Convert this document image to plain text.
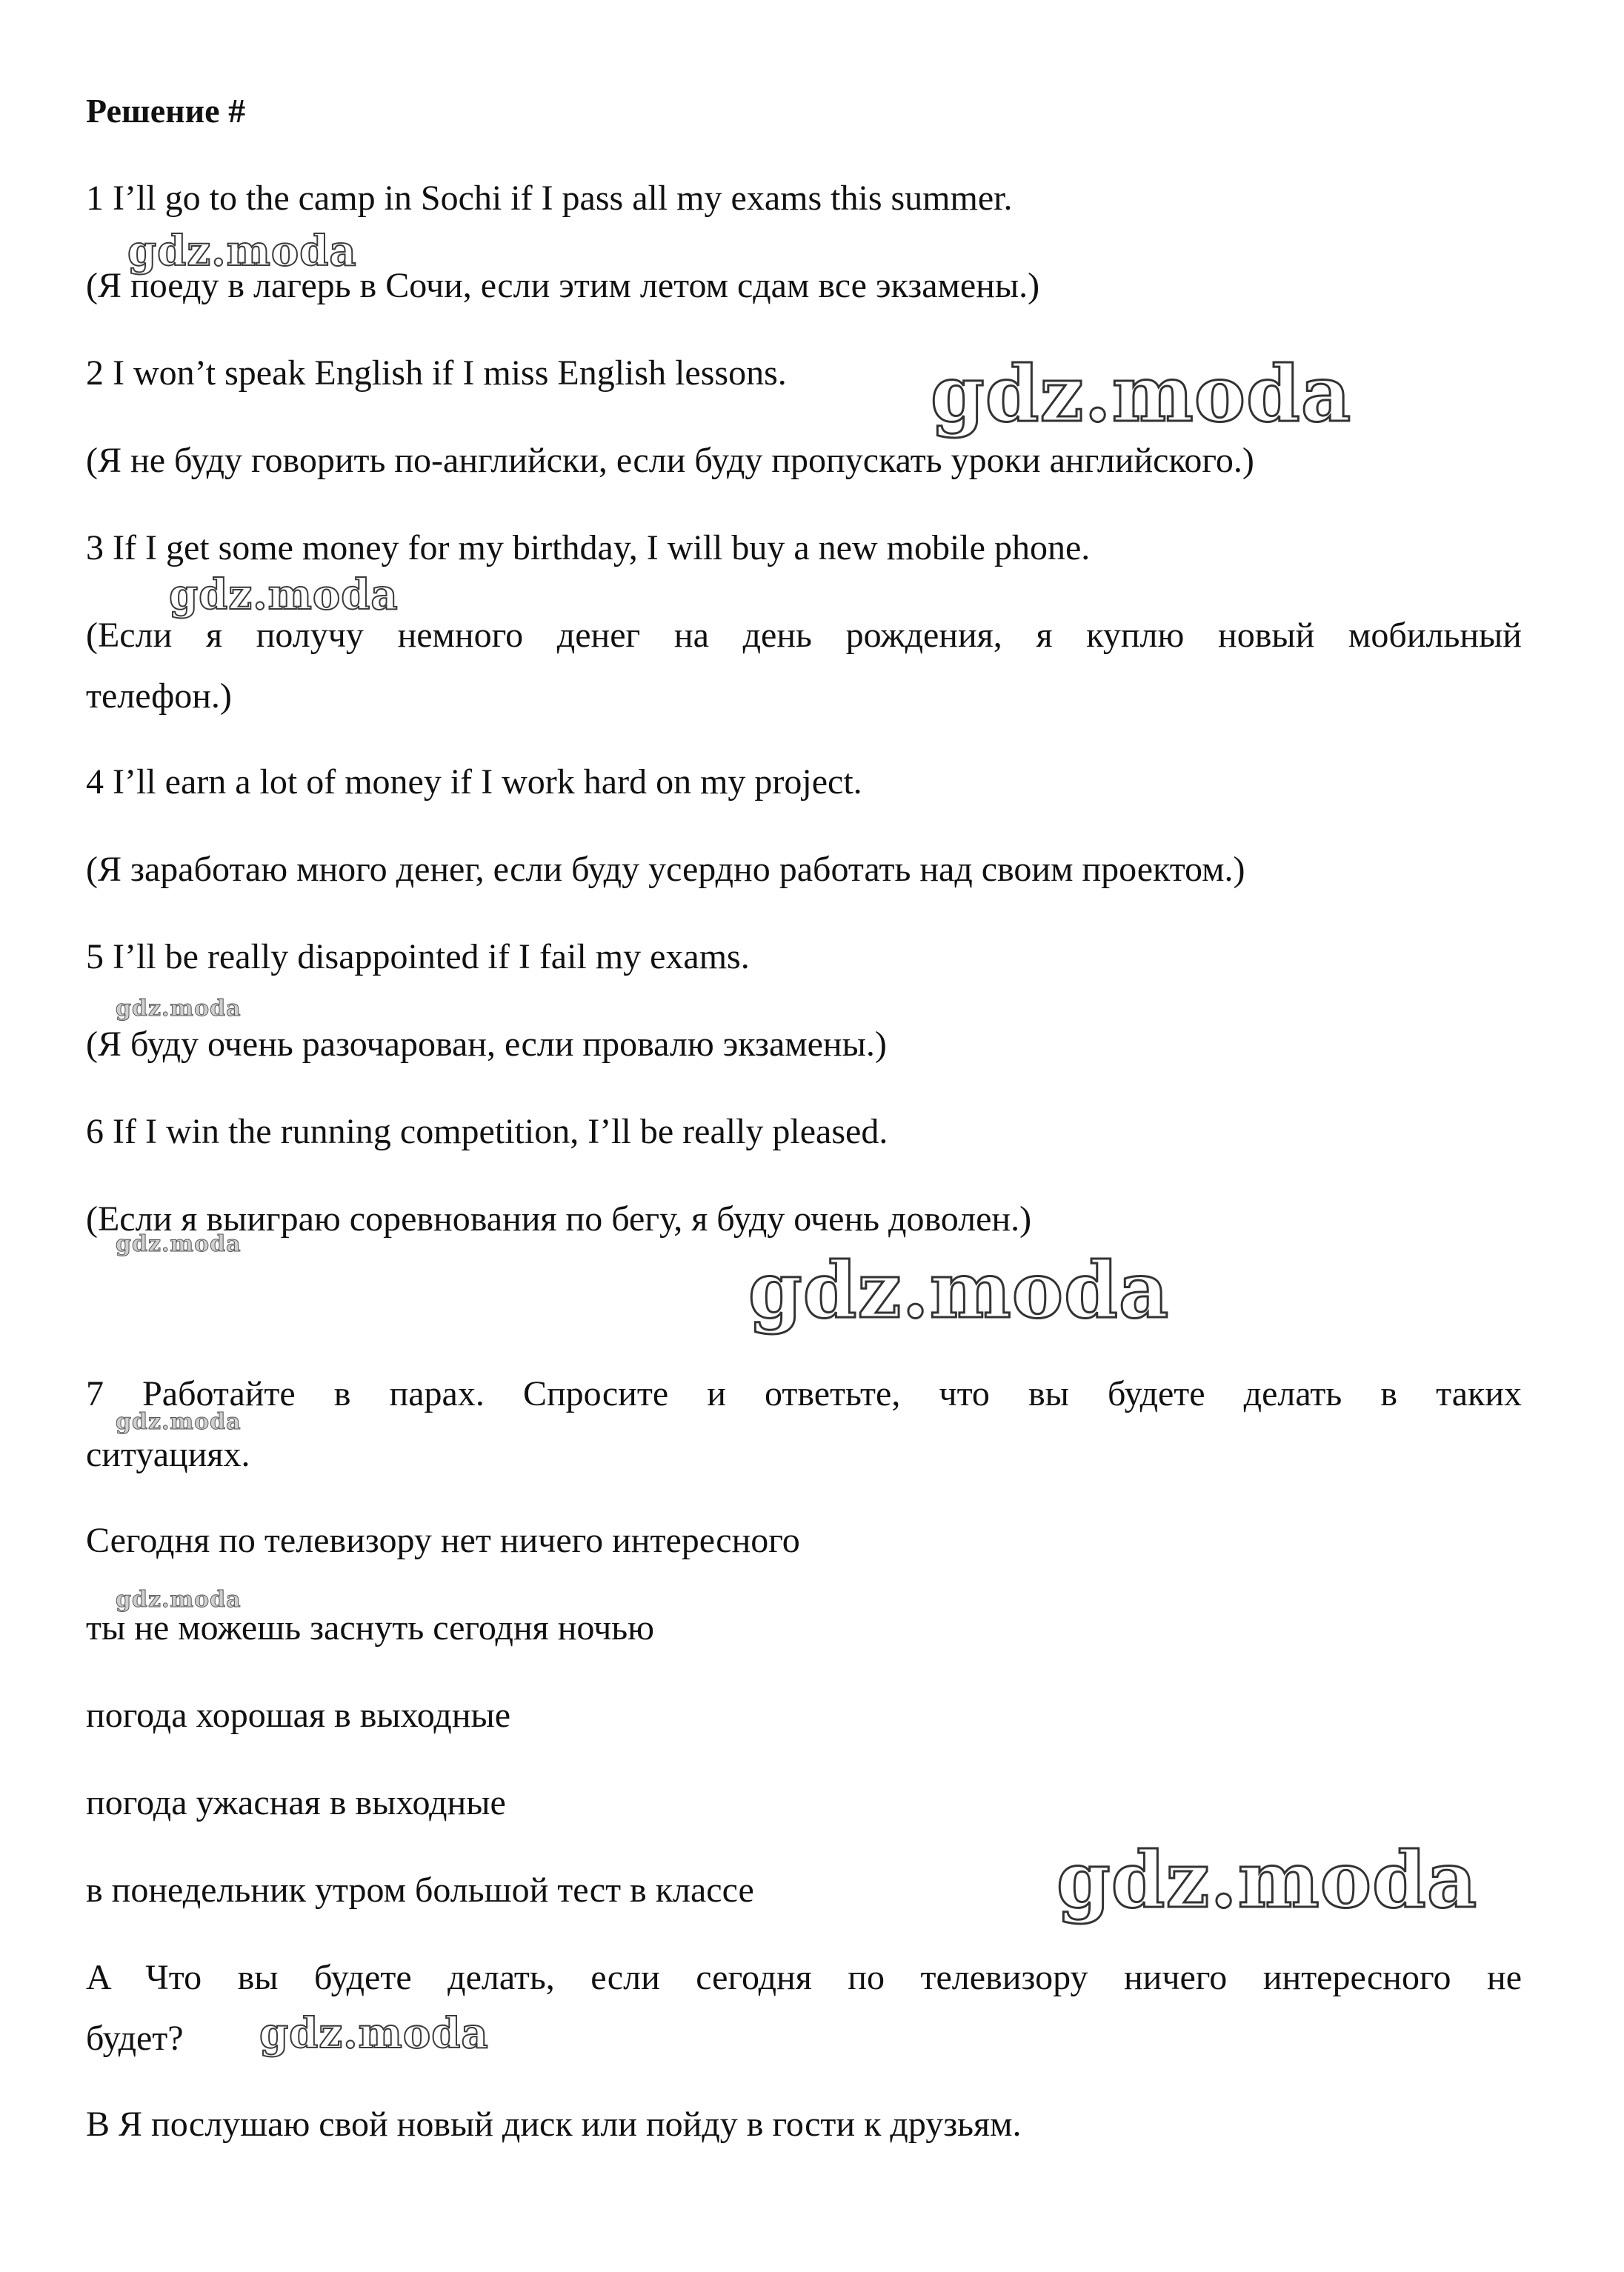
Решение #
1 I’ll go to the camp in Sochi if I pass all my exams this summer.
(Я поеду в лагерь в Сочи, если этим летом сдам все экзамены.)
2 I won’t speak English if I miss English lessons.
(Я не буду говорить по-английски, если буду пропускать уроки английского.)
3 If I get some money for my birthday, I will buy a new mobile phone.
(Если я получу немного денег на день рождения, я куплю новый мобильный
телефон.)
4 I’ll earn a lot of money if I work hard on my project.
(Я заработаю много денег, если буду усердно работать над своим проектом.)
5 I’ll be really disappointed if I fail my exams.
(Я буду очень разочарован, если провалю экзамены.)
6 If I win the running competition, I’ll be really pleased.
(Если я выиграю соревнования по бегу, я буду очень доволен.)
7 Работайте в парах. Спросите и ответьте, что вы будете делать в таких
ситуациях.
Сегодня по телевизору нет ничего интересного
ты не можешь заснуть сегодня ночью
погода хорошая в выходные
погода ужасная в выходные
в понедельник утром большой тест в классе
A Что вы будете делать, если сегодня по телевизору ничего интересного не
будет?
B Я послушаю свой новый диск или пойду в гости к друзьям.
gdz.moda
gdz.moda
gdz.moda
gdz.moda
gdz.moda
gdz.moda
gdz.moda
gdz.moda
gdz.moda
gdz.moda
